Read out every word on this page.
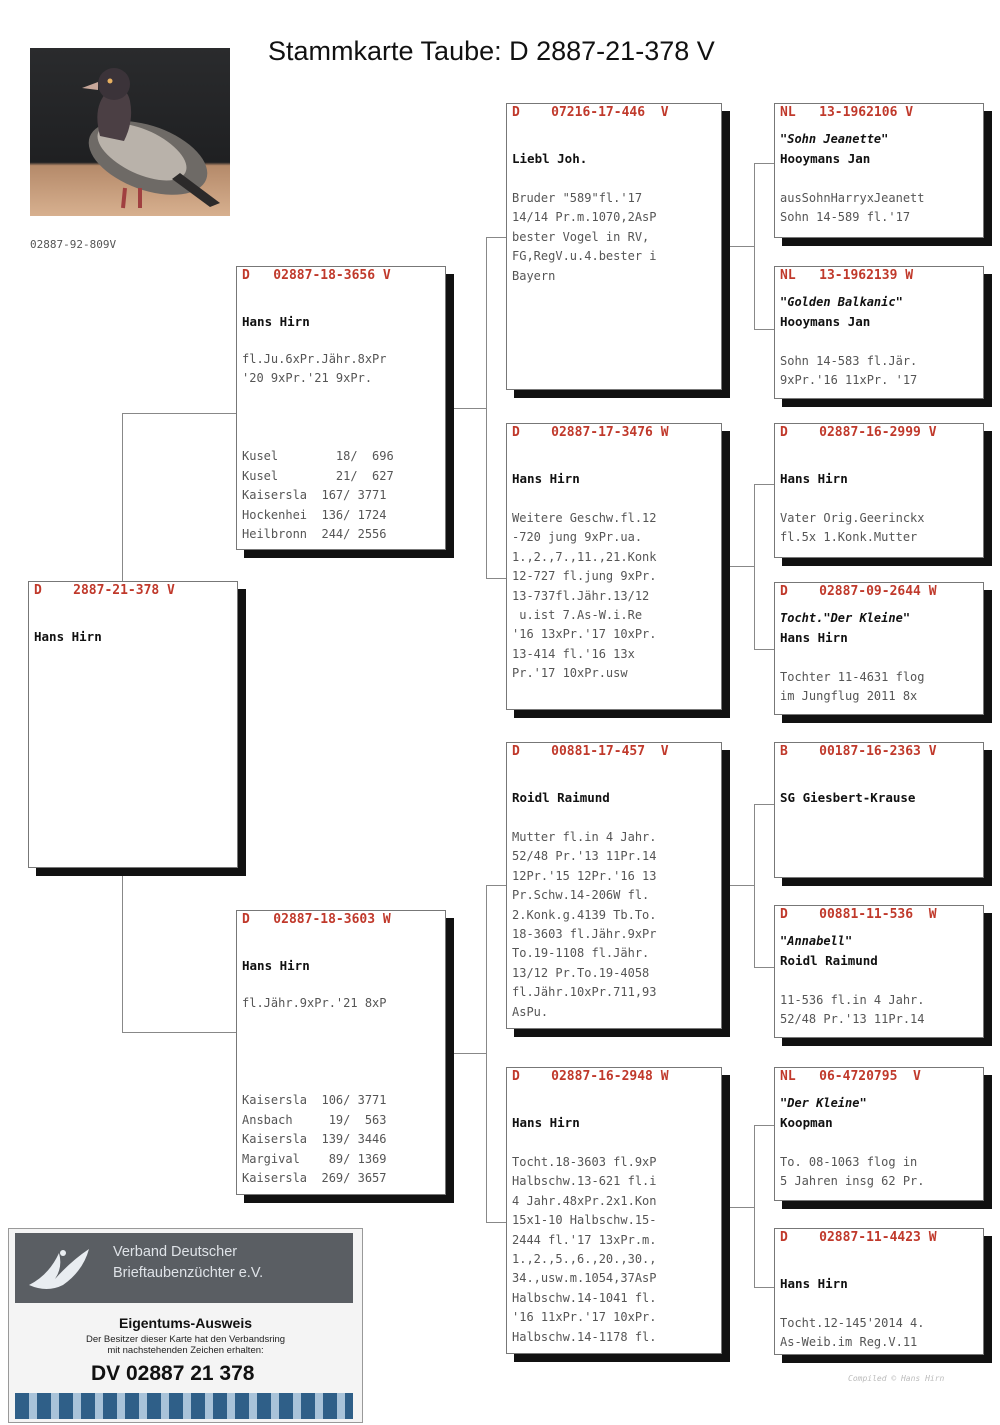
Stammkarte Taube: D 2887-21-378 V
02887-92-809V
D    2887-21-378 V
Hans Hirn
D   02887-18-3656 V
Hans Hirn
fl.Ju.6xPr.Jähr.8xPr
'20 9xPr.'21 9xPr.
Kusel        18/  696
Kusel        21/  627
Kaisersla  167/ 3771
Hockenhei  136/ 1724
Heilbronn  244/ 2556
D   02887-18-3603 W
Hans Hirn
fl.Jähr.9xPr.'21 8xP
Kaisersla  106/ 3771
Ansbach     19/  563
Kaisersla  139/ 3446
Margival    89/ 1369
Kaisersla  269/ 3657
D    07216-17-446  V
Liebl Joh.
Bruder "589"fl.'17
14/14 Pr.m.1070,2AsP
bester Vogel in RV,
FG,RegV.u.4.bester i
Bayern
D    02887-17-3476 W
Hans Hirn
Weitere Geschw.fl.12
-720 jung 9xPr.ua.
1.,2.,7.,11.,21.Konk
12-727 fl.jung 9xPr.
13-737fl.Jähr.13/12
u.ist 7.As-W.i.Re
'16 13xPr.'17 10xPr.
13-414 fl.'16 13x
Pr.'17 10xPr.usw
D    00881-17-457  V
Roidl Raimund
Mutter fl.in 4 Jahr.
52/48 Pr.'13 11Pr.14
12Pr.'15 12Pr.'16 13
Pr.Schw.14-206W fl.
2.Konk.g.4139 Tb.To.
18-3603 fl.Jähr.9xPr
To.19-1108 fl.Jähr.
13/12 Pr.To.19-4058
fl.Jähr.10xPr.711,93
AsPu.
D    02887-16-2948 W
Hans Hirn
Tocht.18-3603 fl.9xP
Halbschw.13-621 fl.i
4 Jahr.48xPr.2x1.Kon
15x1-10 Halbschw.15-
2444 fl.'17 13xPr.m.
1.,2.,5.,6.,20.,30.,
34.,usw.m.1054,37AsP
Halbschw.14-1041 fl.
'16 11xPr.'17 10xPr.
Halbschw.14-1178 fl.
NL   13-1962106 V
"Sohn Jeanette"
Hooymans Jan
ausSohnHarryxJeanett
Sohn 14-589 fl.'17
NL   13-1962139 W
"Golden Balkanic"
Hooymans Jan
Sohn 14-583 fl.Jär.
9xPr.'16 11xPr. '17
D    02887-16-2999 V
Hans Hirn
Vater Orig.Geerinckx
fl.5x 1.Konk.Mutter
D    02887-09-2644 W
Tocht."Der Kleine"
Hans Hirn
Tochter 11-4631 flog
im Jungflug 2011 8x
B    00187-16-2363 V
SG Giesbert-Krause
D    00881-11-536  W
"Annabell"
Roidl Raimund
11-536 fl.in 4 Jahr.
52/48 Pr.'13 11Pr.14
NL   06-4720795  V
"Der Kleine"
Koopman
To. 08-1063 flog in
5 Jahren insg 62 Pr.
D    02887-11-4423 W
Hans Hirn
Tocht.12-145'2014 4.
As-Weib.im Reg.V.11
Verband Deutscher
Brieftaubenzüchter e.V.
Eigentums-Ausweis
Der Besitzer dieser Karte hat den Verbandsring
mit nachstehenden Zeichen erhalten:
DV 02887 21 378	Compiled © Hans Hirn
